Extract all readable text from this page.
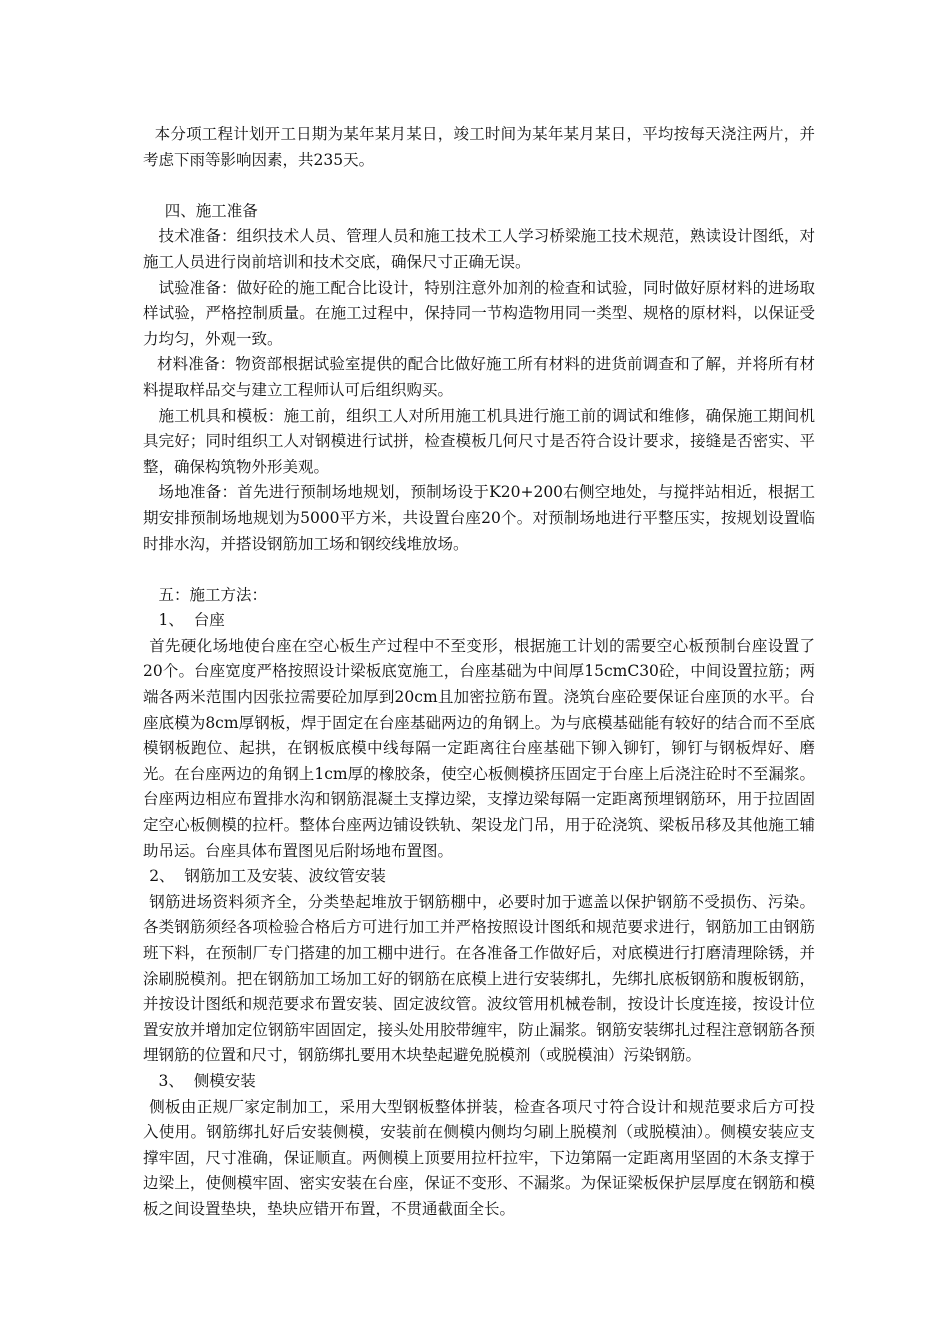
本分项工程计划开工日期为某年某月某日，竣工时间为某年某月某日，平均按每天浇注两片，并考虑下雨等影响因素，共235天。

四、施工准备

技术准备：组织技术人员、管理人员和施工技术工人学习桥梁施工技术规范，熟读设计图纸，对施工人员进行岗前培训和技术交底，确保尺寸正确无误。

试验准备：做好砼的施工配合比设计，特别注意外加剂的检查和试验，同时做好原材料的进场取样试验，严格控制质量。在施工过程中，保持同一节构造物用同一类型、规格的原材料，以保证受力均匀，外观一致。

材料准备：物资部根据试验室提供的配合比做好施工所有材料的进货前调查和了解，并将所有材料提取样品交与建立工程师认可后组织购买。

施工机具和模板：施工前，组织工人对所用施工机具进行施工前的调试和维修，确保施工期间机具完好；同时组织工人对钢模进行试拼，检查模板几何尺寸是否符合设计要求，接缝是否密实、平整，确保构筑物外形美观。

场地准备：首先进行预制场地规划，预制场设于K20+200右侧空地处，与搅拌站相近，根据工期安排预制场地规划为5000平方米，共设置台座20个。对预制场地进行平整压实，按规划设置临时排水沟，并搭设钢筋加工场和钢绞线堆放场。

五：施工方法：

1、  台座

首先硬化场地使台座在空心板生产过程中不至变形，根据施工计划的需要空心板预制台座设置了20个。台座宽度严格按照设计梁板底宽施工，台座基础为中间厚15cmC30砼，中间设置拉筋；两端各两米范围内因张拉需要砼加厚到20cm且加密拉筋布置。浇筑台座砼要保证台座顶的水平。台座底模为8cm厚钢板，焊于固定在台座基础两边的角钢上。为与底模基础能有较好的结合而不至底模钢板跑位、起拱，在钢板底模中线每隔一定距离往台座基础下铆入铆钉，铆钉与钢板焊好、磨光。在台座两边的角钢上1cm厚的橡胶条，使空心板侧模挤压固定于台座上后浇注砼时不至漏浆。台座两边相应布置排水沟和钢筋混凝土支撑边梁，支撑边梁每隔一定距离预埋钢筋环，用于拉固固定空心板侧模的拉杆。整体台座两边铺设铁轨、架设龙门吊，用于砼浇筑、梁板吊移及其他施工辅助吊运。台座具体布置图见后附场地布置图。

2、  钢筋加工及安装、波纹管安装

钢筋进场资料须齐全，分类垫起堆放于钢筋棚中，必要时加于遮盖以保护钢筋不受损伤、污染。各类钢筋须经各项检验合格后方可进行加工并严格按照设计图纸和规范要求进行，钢筋加工由钢筋班下料，在预制厂专门搭建的加工棚中进行。在各准备工作做好后，对底模进行打磨清理除锈，并涂刷脱模剂。把在钢筋加工场加工好的钢筋在底模上进行安装绑扎，先绑扎底板钢筋和腹板钢筋，并按设计图纸和规范要求布置安装、固定波纹管。波纹管用机械卷制，按设计长度连接，按设计位置安放并增加定位钢筋牢固固定，接头处用胶带缠牢，防止漏浆。钢筋安装绑扎过程注意钢筋各预埋钢筋的位置和尺寸，钢筋绑扎要用木块垫起避免脱模剂（或脱模油）污染钢筋。

3、  侧模安装

侧板由正规厂家定制加工，采用大型钢板整体拼装，检查各项尺寸符合设计和规范要求后方可投入使用。钢筋绑扎好后安装侧模，安装前在侧模内侧均匀刷上脱模剂（或脱模油）。侧模安装应支撑牢固，尺寸准确，保证顺直。两侧模上顶要用拉杆拉牢，下边第隔一定距离用坚固的木条支撑于边梁上，使侧模牢固、密实安装在台座，保证不变形、不漏浆。为保证梁板保护层厚度在钢筋和模板之间设置垫块，垫块应错开布置，不贯通截面全长。
